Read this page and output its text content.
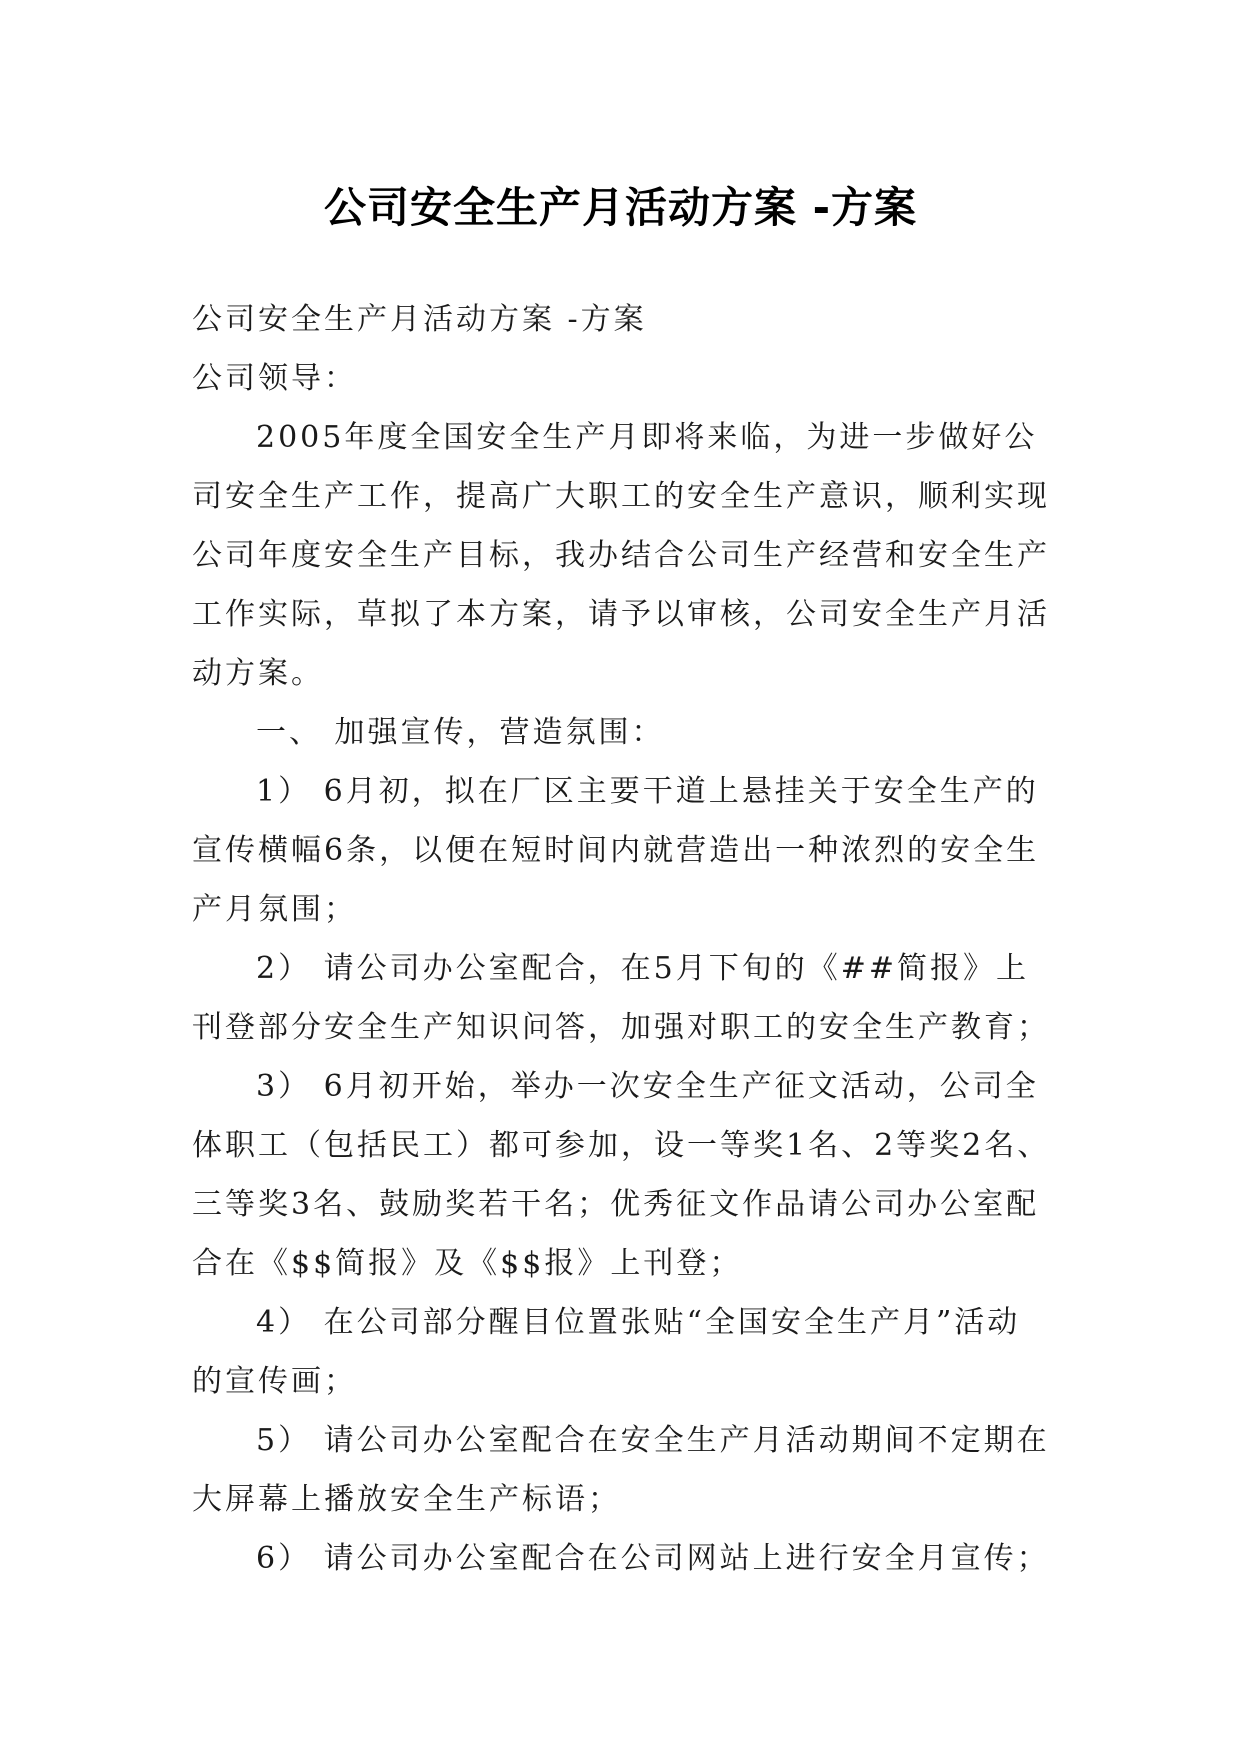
公司安全生产月活动方案 -方案

公司安全生产月活动方案 -方案

公司领导：

2005年度全国安全生产月即将来临，为进一步做好公司安全生产工作，提高广大职工的安全生产意识，顺利实现公司年度安全生产目标，我办结合公司生产经营和安全生产工作实际，草拟了本方案，请予以审核，公司安全生产月活动方案。

一、 加强宣传，营造氛围：

1） 6月初，拟在厂区主要干道上悬挂关于安全生产的宣传横幅6条，以便在短时间内就营造出一种浓烈的安全生产月氛围；

2） 请公司办公室配合，在5月下旬的《##简报》上刊登部分安全生产知识问答，加强对职工的安全生产教育；

3） 6月初开始，举办一次安全生产征文活动，公司全体职工（包括民工）都可参加，设一等奖1名、2等奖2名、三等奖3名、鼓励奖若干名；优秀征文作品请公司办公室配合在《$$简报》及《$$报》上刊登；

4） 在公司部分醒目位置张贴“全国安全生产月”活动的宣传画；

5） 请公司办公室配合在安全生产月活动期间不定期在大屏幕上播放安全生产标语；

6） 请公司办公室配合在公司网站上进行安全月宣传；
